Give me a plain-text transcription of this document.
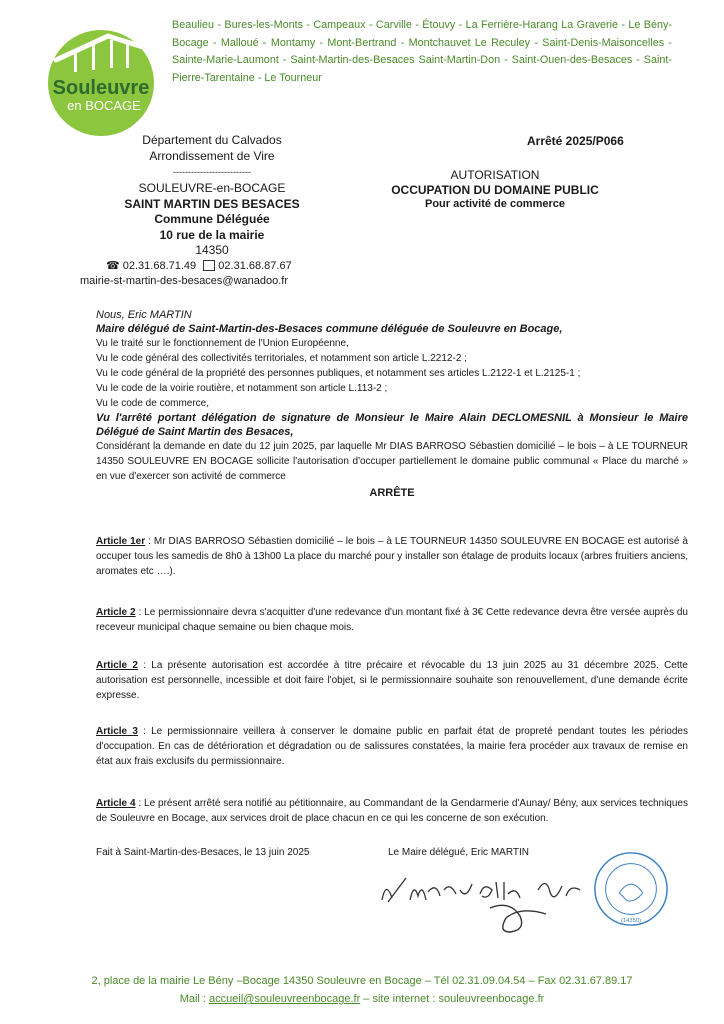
Souleuvre
en BOCAGE
Beaulieu - Bures-les-Monts - Campeaux - Carville - Étouvy - La Ferrière-Harang La Graverie - Le Bény-Bocage - Malloué - Montamy - Mont-Bertrand - Montchauvet Le Reculey - Saint-Denis-Maisoncelles - Sainte-Marie-Laumont - Saint-Martin-des-Besaces Saint-Martin-Don - Saint-Ouen-des-Besaces - Saint-Pierre-Tarentaine - Le Tourneur
Département du Calvados
Arrondissement de Vire
--------------------------
SOULEUVRE-en-BOCAGE
SAINT MARTIN DES BESACES
Commune Déléguée
10 rue de la mairie
14350
☎ 02.31.68.71.49 02.31.68.87.67
mairie-st-martin-des-besaces@wanadoo.fr
Arrêté 2025/P066
AUTORISATION
OCCUPATION DU DOMAINE PUBLIC
Pour activité de commerce

Nous, Eric MARTIN

Maire délégué de Saint-Martin-des-Besaces commune déléguée de Souleuvre en Bocage,

Vu le traité sur le fonctionnement de l'Union Européenne,

Vu le code général des collectivités territoriales, et notamment son article L.2212-2 ;

Vu le code général de la propriété des personnes publiques, et notamment ses articles L.2122-1 et L.2125-1 ;

Vu le code de la voirie routière, et notamment son article L.113-2 ;

Vu le code de commerce,

Vu l'arrêté portant délégation de signature de Monsieur le Maire Alain DECLOMESNIL à Monsieur le Maire Délégué de Saint Martin des Besaces,

Considérant la demande en date du 12 juin 2025, par laquelle Mr DIAS BARROSO Sébastien domicilié – le bois – à LE TOURNEUR 14350 SOULEUVRE EN BOCAGE sollicite l'autorisation d'occuper partiellement le domaine public communal « Place du marché » en vue d'exercer son activité de commerce

ARRÊTE

Article 1er : Mr DIAS BARROSO Sébastien domicilié – le bois – à LE TOURNEUR 14350 SOULEUVRE EN BOCAGE est autorisé à occuper tous les samedis de 8h0 à 13h00 La place du marché pour y installer son étalage de produits locaux (arbres fruitiers anciens, aromates etc ….).

Article 2 : Le permissionnaire devra s'acquitter d'une redevance d'un montant fixé à 3€ Cette redevance devra être versée auprès du receveur municipal chaque semaine ou bien chaque mois.

Article 2 : La présente autorisation est accordée à titre précaire et révocable du 13 juin 2025 au 31 décembre 2025. Cette autorisation est personnelle, incessible et doit faire l'objet, si le permissionnaire souhaite son renouvellement, d'une demande écrite expresse.

Article 3 : Le permissionnaire veillera à conserver le domaine public en parfait état de propreté pendant toutes les périodes d'occupation. En cas de détérioration et dégradation ou de salissures constatées, la mairie fera procéder aux travaux de remise en état aux frais exclusifs du permissionnaire.

Article 4 : Le présent arrêté sera notifié au pétitionnaire, au Commandant de la Gendarmerie d'Aunay/ Bény, aux services techniques de Souleuvre en Bocage, aux services droit de place chacun en ce qui les concerne de son exécution.

Fait à Saint-Martin-des-Besaces, le 13 juin 2025	Le Maire délégué, Eric MARTIN
(14350)
2, place de la mairie Le Bény –Bocage 14350 Souleuvre en Bocage – Tél 02.31.09.04.54 – Fax 02.31.67.89.17
Mail : accueil@souleuvreenbocage.fr – site internet : souleuvreenbocage.fr
